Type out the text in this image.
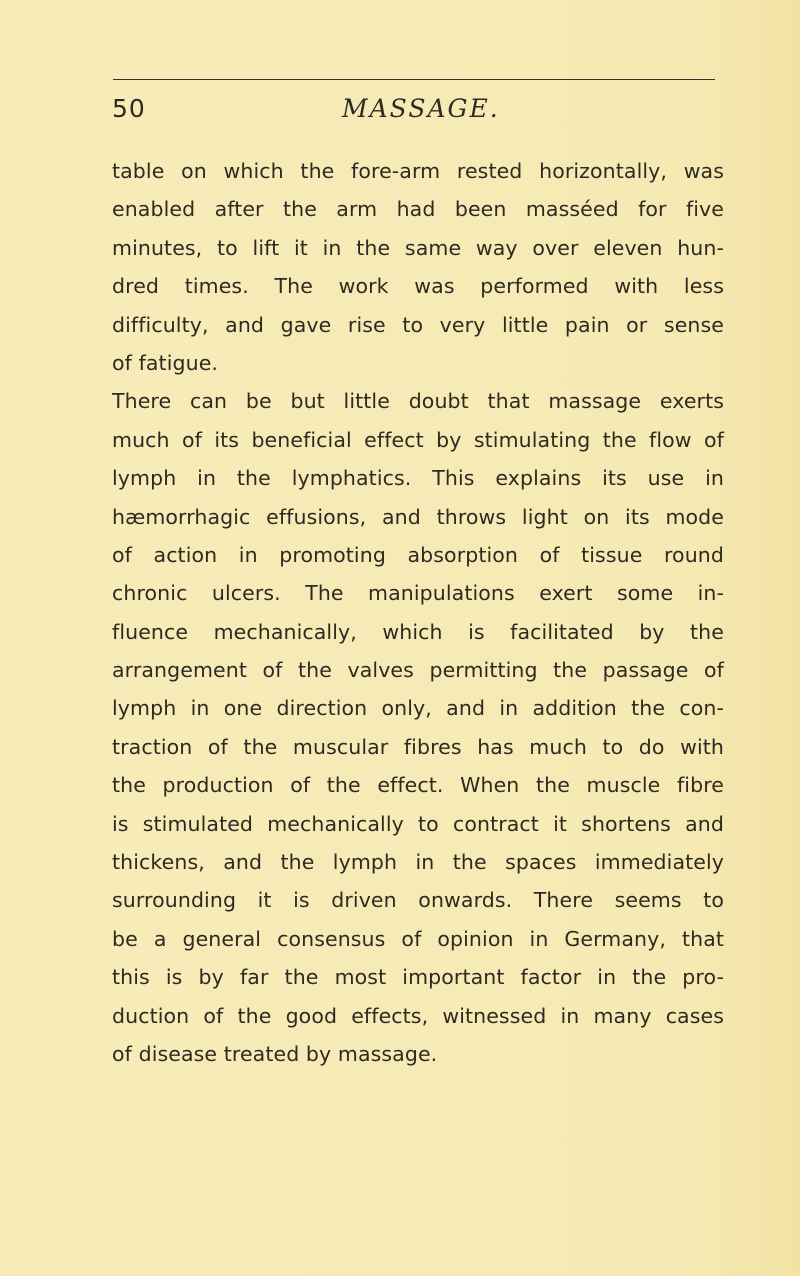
50	MASSAGE.
table on which the fore-arm rested horizontally, was
enabled after the arm had been masséed for five
minutes, to lift it in the same way over eleven hun-
dred times. The work was performed with less
difficulty, and gave rise to very little pain or sense
of fatigue.
There can be but little doubt that massage exerts
much of its beneficial effect by stimulating the flow of
lymph in the lymphatics. This explains its use in
hæmorrhagic effusions, and throws light on its mode
of action in promoting absorption of tissue round
chronic ulcers. The manipulations exert some in-
fluence mechanically, which is facilitated by the
arrangement of the valves permitting the passage of
lymph in one direction only, and in addition the con-
traction of the muscular fibres has much to do with
the production of the effect. When the muscle fibre
is stimulated mechanically to contract it shortens and
thickens, and the lymph in the spaces immediately
surrounding it is driven onwards. There seems to
be a general consensus of opinion in Germany, that
this is by far the most important factor in the pro-
duction of the good effects, witnessed in many cases
of disease treated by massage.
